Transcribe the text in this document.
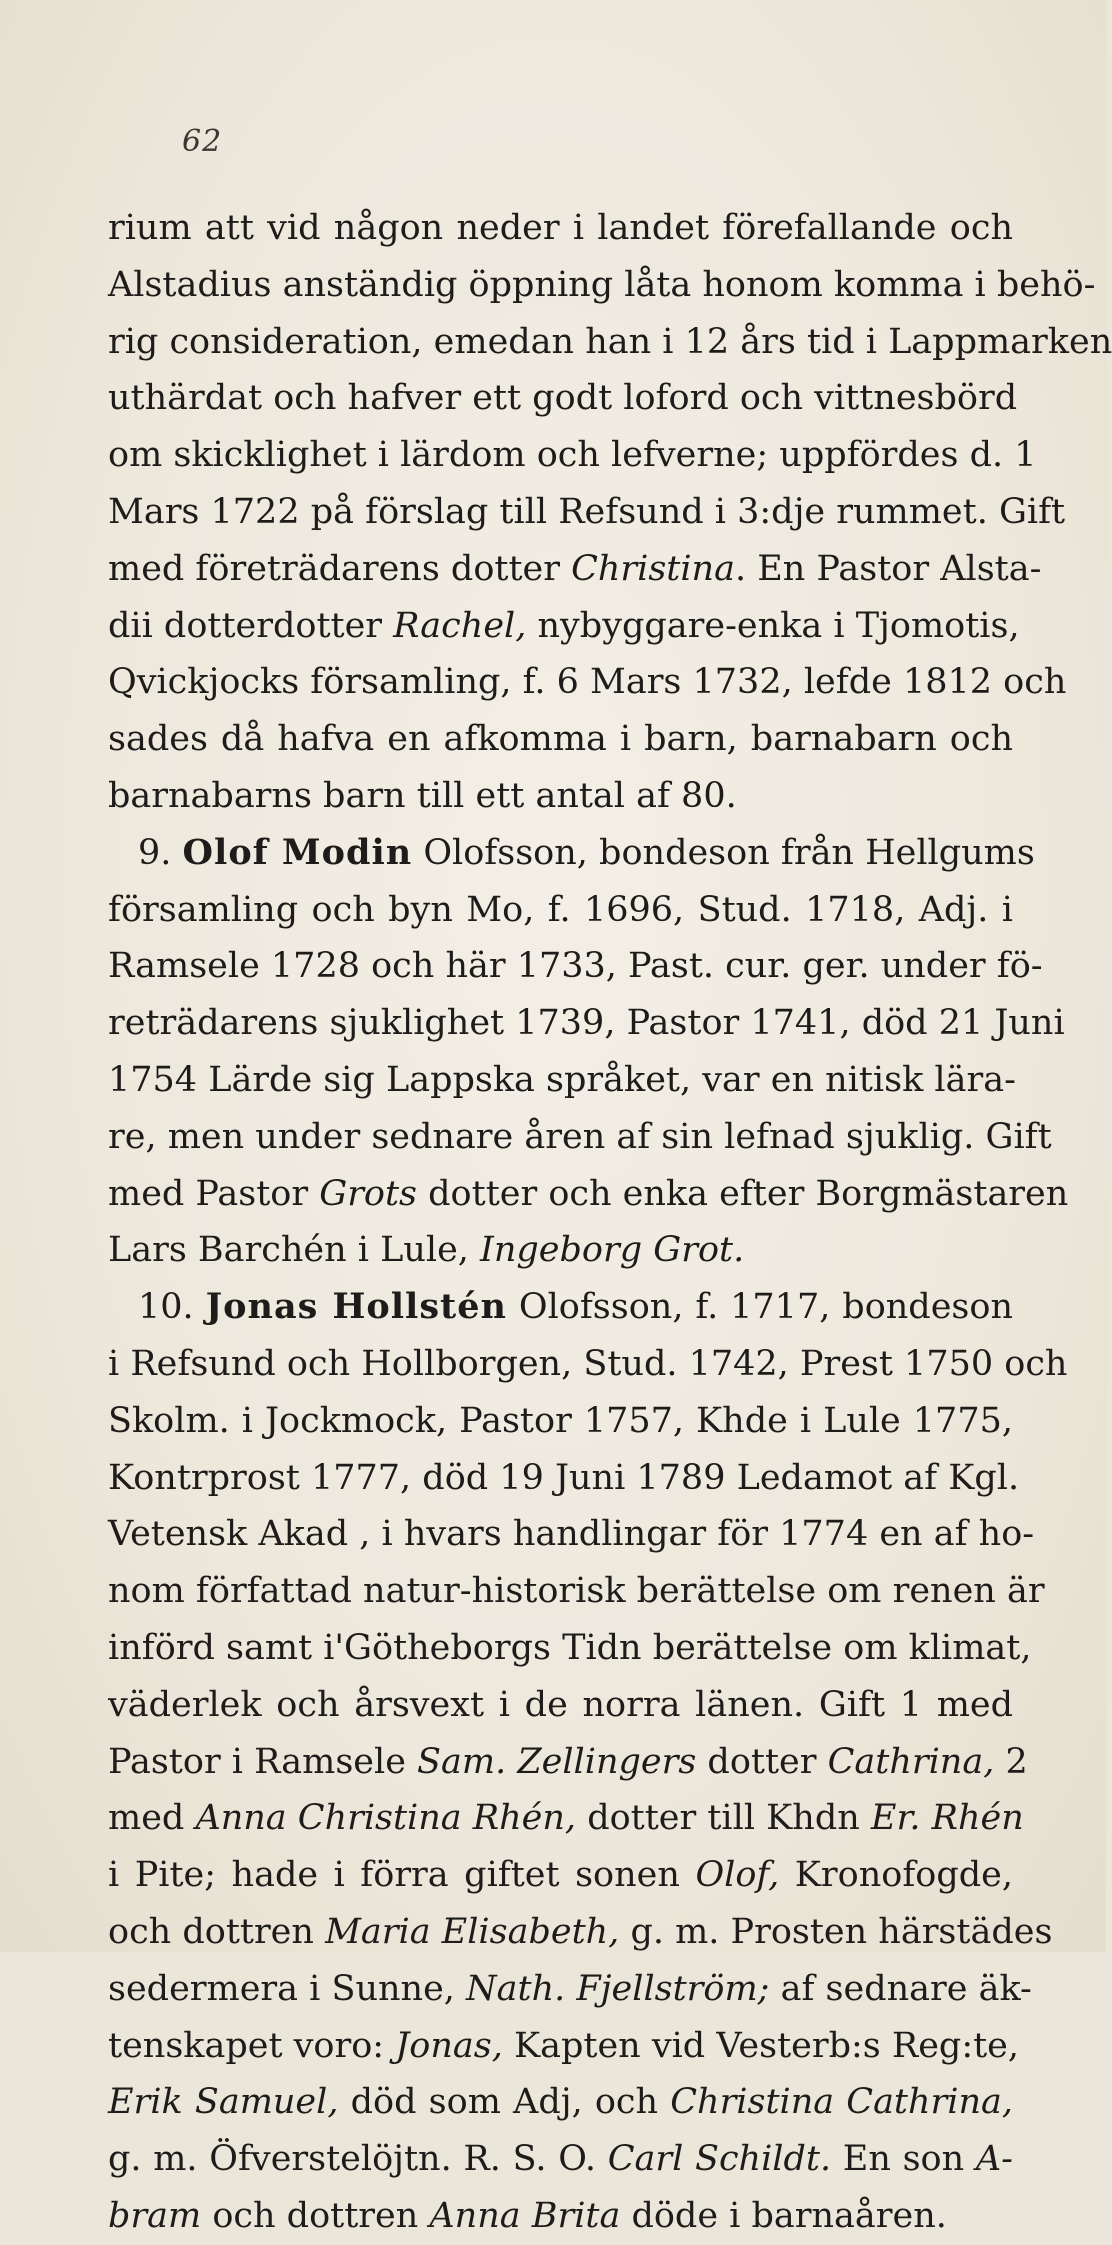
62
rium att vid någon neder i landet förefallande och
Alstadius anständig öppning låta honom komma i behö-
rig consideration, emedan han i 12 års tid i Lappmarken
uthärdat och hafver ett godt loford och vittnesbörd
om skicklighet i lärdom och lefverne; uppfördes d. 1
Mars 1722 på förslag till Refsund i 3:dje rummet. Gift
med företrädarens dotter Christina. En Pastor Alsta-
dii dotterdotter Rachel, nybyggare-enka i Tjomotis,
Qvickjocks församling, f. 6 Mars 1732, lefde 1812 och
sades då hafva en afkomma i barn, barnabarn och
barnabarns barn till ett antal af 80.
9. Olof Modin Olofsson, bondeson från Hellgums
församling och byn Mo, f. 1696, Stud. 1718, Adj. i
Ramsele 1728 och här 1733, Past. cur. ger. under fö-
reträdarens sjuklighet 1739, Pastor 1741, död 21 Juni
1754 Lärde sig Lappska språket, var en nitisk lära-
re, men under sednare åren af sin lefnad sjuklig. Gift
med Pastor Grots dotter och enka efter Borgmästaren
Lars Barchén i Lule, Ingeborg Grot.
10. Jonas Hollstén Olofsson, f. 1717, bondeson
i Refsund och Hollborgen, Stud. 1742, Prest 1750 och
Skolm. i Jockmock, Pastor 1757, Khde i Lule 1775,
Kontrprost 1777, död 19 Juni 1789 Ledamot af Kgl.
Vetensk Akad , i hvars handlingar för 1774 en af ho-
nom författad natur-historisk berättelse om renen är
införd samt i'Götheborgs Tidn berättelse om klimat,
väderlek och årsvext i de norra länen. Gift 1 med
Pastor i Ramsele Sam. Zellingers dotter Cathrina, 2
med Anna Christina Rhén, dotter till Khdn Er. Rhén
i Pite; hade i förra giftet sonen Olof, Kronofogde,
och dottren Maria Elisabeth, g. m. Prosten härstädes
sedermera i Sunne, Nath. Fjellström; af sednare äk-
tenskapet voro: Jonas, Kapten vid Vesterb:s Reg:te,
Erik Samuel, död som Adj, och Christina Cathrina,
g. m. Öfverstelöjtn. R. S. O. Carl Schildt. En son A-
bram och dottren Anna Brita döde i barnaåren.
